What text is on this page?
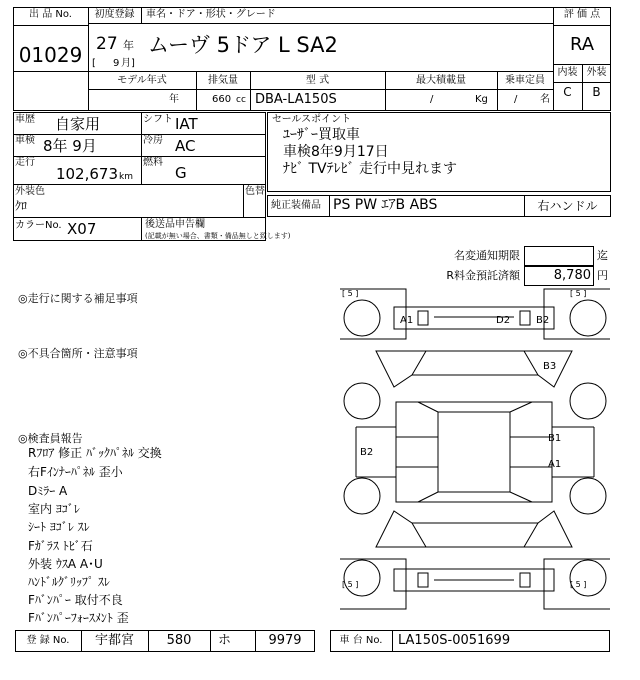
出 品 No.
01029
初度登録	車名・ドア・形状・グレード
27 年
[ 9 月]
ムーヴ 5ドア L SA2
評 価 点
RA
内装 外装
C	B
モデル年式
年
排気量
660 cc
型 式
DBA-LA150S
最大積載量
/	Kg
乗車定員
/ 名
車歴 自家用	シフト IAT
車検 8年 9月	冷房 AC
走行
102,673 km
燃料
G
外装色
ｸﾛ
色替
カラーNo. X07	後送品申告欄
(記載が無い場合、書類・備品無しと致します)
セールスポイント
ﾕｰｻﾞｰ買取車
車検8年9月17日
ﾅﾋﾞ TVﾃﾚﾋﾞ 走行中見れます
純正装備品 PS PW ｴｱB ABS	右ハンドル
名変通知期限	迄
R料金預託済額	8,780 円
◎走行に関する補足事項
◎不具合箇所・注意事項
◎検査員報告
Rﾌﾛｱ 修正 ﾊﾞｯｸﾊﾟﾈﾙ 交換
右Fｲﾝﾅｰﾊﾟﾈﾙ 歪小
Dﾐﾗｰ A
室内 ﾖｺﾞﾚ
ｼｰﾄ ﾖｺﾞﾚ ｽﾚ
Fｶﾞﾗｽ ﾄﾋﾞ石
外装 ｳｽA A･U
ﾊﾝﾄﾞﾙｸﾞﾘｯﾌﾟ ｽﾚ
Fﾊﾞﾝﾊﾟｰ 取付不良
Fﾊﾞﾝﾊﾟｰﾌｫｰｽﾒﾝﾄ 歪
[ 5 ]	[ 5 ]
[ 5 ]	[ 5 ]
A1	D2	B2
B3
B2
B1
A1
登 録 No.	宇都宮	580	ホ	9979	車 台 No.	LA150S-0051699
